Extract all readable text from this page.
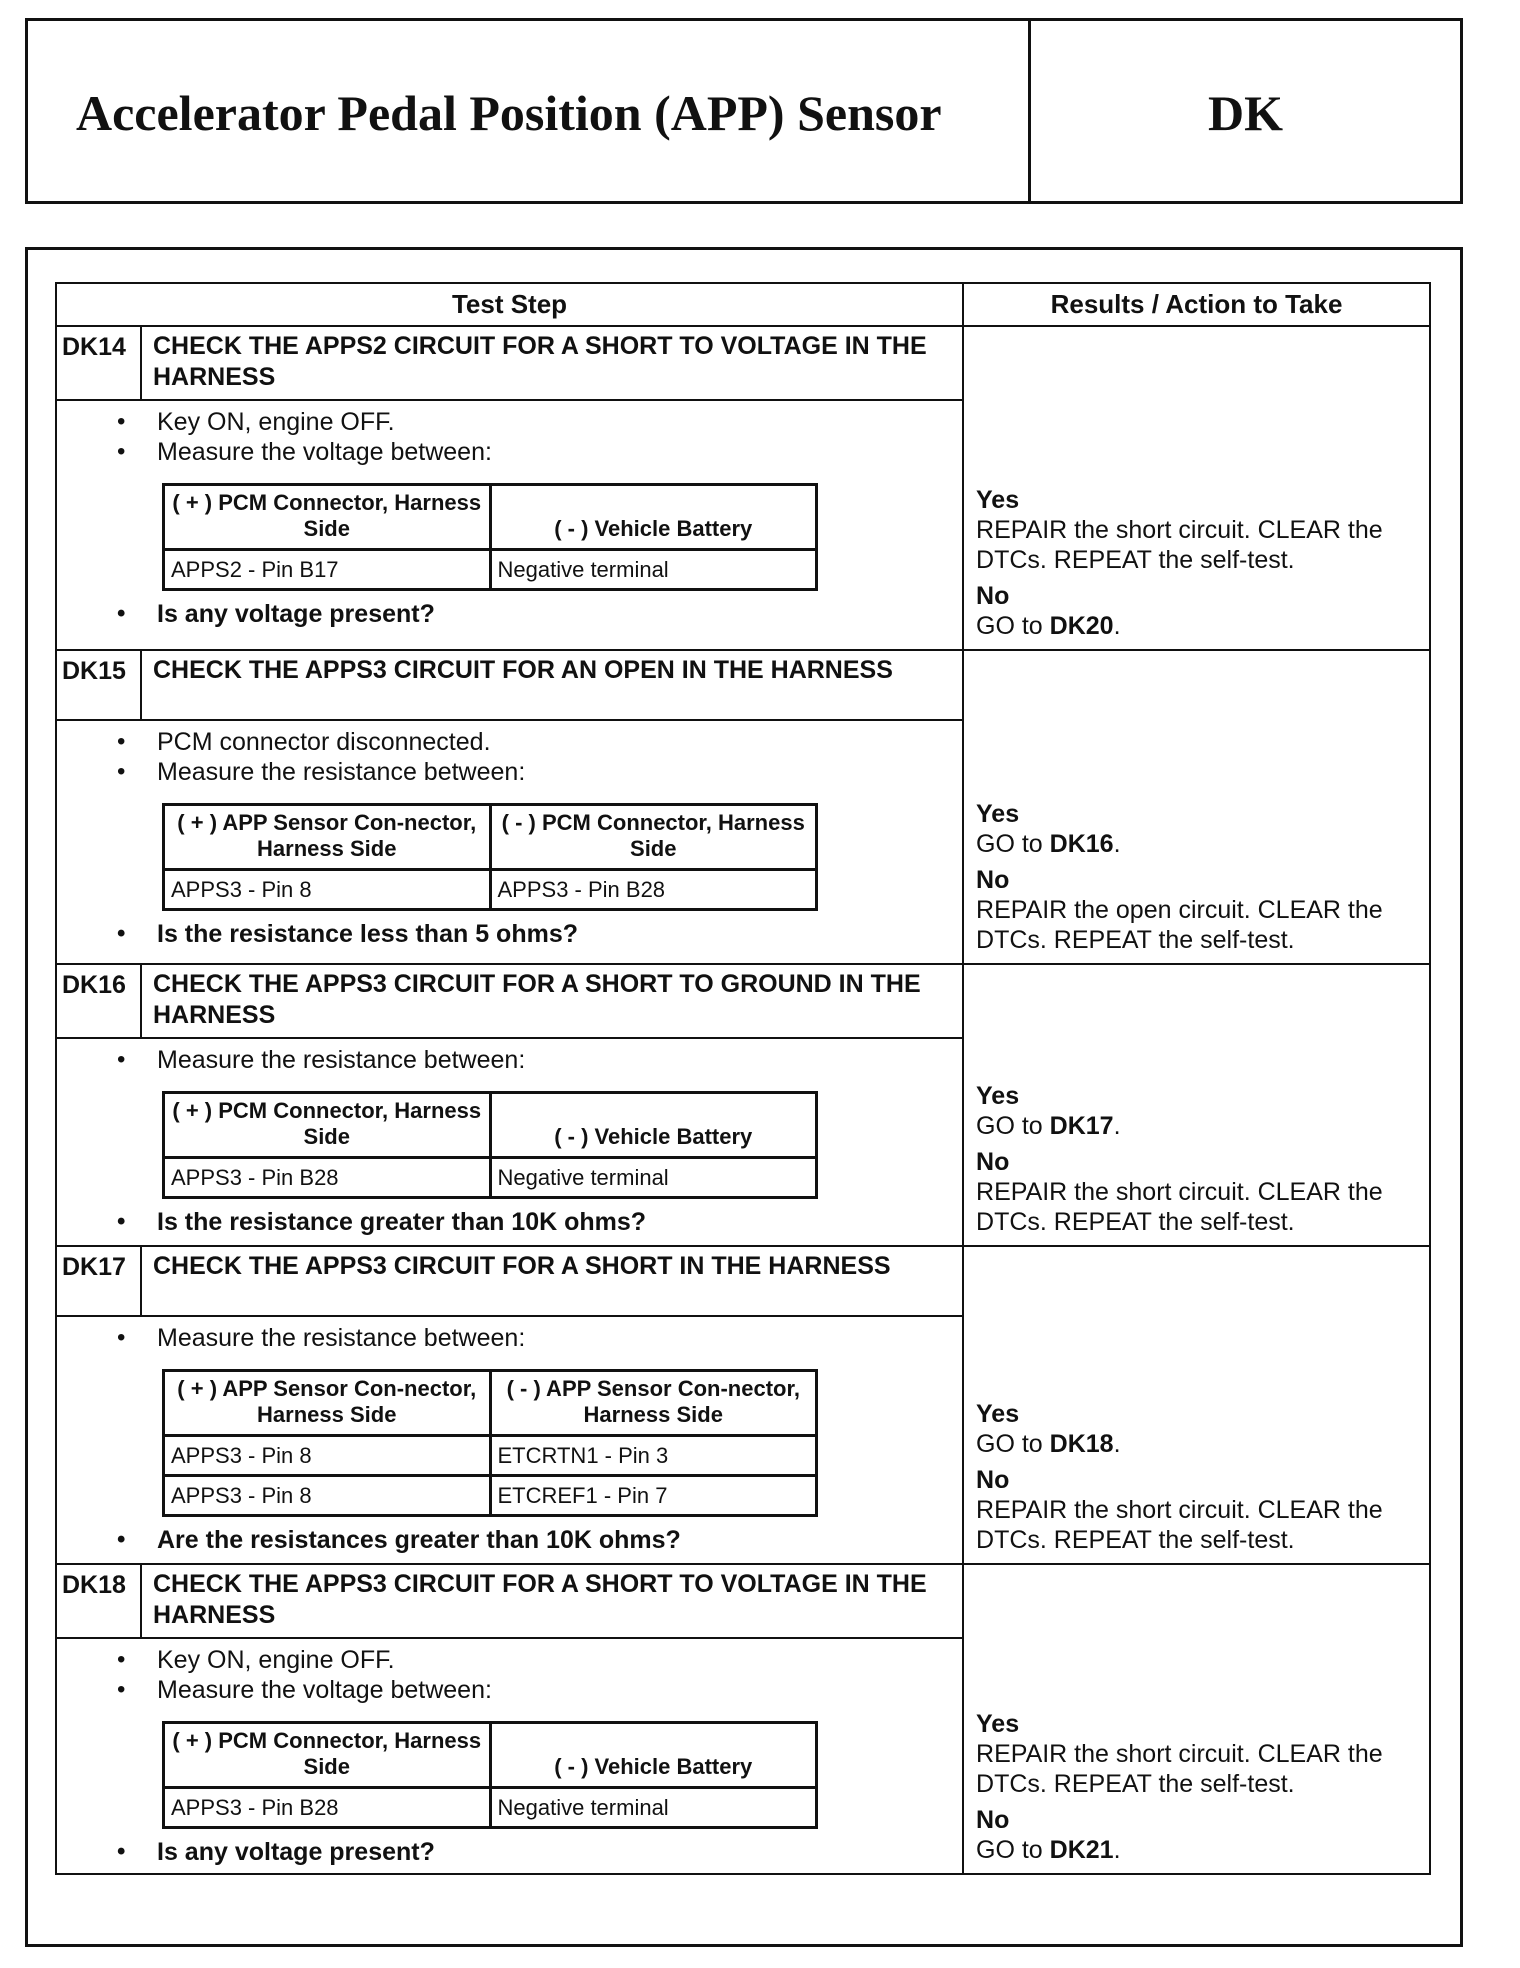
Accelerator Pedal Position (APP) Sensor	DK
Test Step	Results / Action to Take
DK14	CHECK THE APPS2 CIRCUIT FOR A SHORT TO VOLTAGE IN THE HARNESS	
Yes
REPAIR the short circuit. CLEAR the DTCs. REPEAT the self-test.
No
GO to DK20.

• Key ON, engine OFF.
• Measure the voltage between:
( + ) PCM Connector, Harness Side	( - ) Vehicle Battery
APPS2 - Pin B17	Negative terminal
• Is any voltage present?

DK15	CHECK THE APPS3 CIRCUIT FOR AN OPEN IN THE HARNESS	
Yes
GO to DK16.
No
REPAIR the open circuit. CLEAR the DTCs. REPEAT the self-test.

• PCM connector disconnected.
• Measure the resistance between:
( + ) APP Sensor Con-nector, Harness Side	( - ) PCM Connector, Harness Side
APPS3 - Pin 8	APPS3 - Pin B28
• Is the resistance less than 5 ohms?

DK16	CHECK THE APPS3 CIRCUIT FOR A SHORT TO GROUND IN THE HARNESS	
Yes
GO to DK17.
No
REPAIR the short circuit. CLEAR the DTCs. REPEAT the self-test.

• Measure the resistance between:
( + ) PCM Connector, Harness Side	( - ) Vehicle Battery
APPS3 - Pin B28	Negative terminal
• Is the resistance greater than 10K ohms?

DK17	CHECK THE APPS3 CIRCUIT FOR A SHORT IN THE HARNESS	
Yes
GO to DK18.
No
REPAIR the short circuit. CLEAR the DTCs. REPEAT the self-test.

• Measure the resistance between:
( + ) APP Sensor Con-nector, Harness Side	( - ) APP Sensor Con-nector, Harness Side
APPS3 - Pin 8	ETCRTN1 - Pin 3
APPS3 - Pin 8	ETCREF1 - Pin 7
• Are the resistances greater than 10K ohms?

DK18	CHECK THE APPS3 CIRCUIT FOR A SHORT TO VOLTAGE IN THE HARNESS	
Yes
REPAIR the short circuit. CLEAR the DTCs. REPEAT the self-test.
No
GO to DK21.

• Key ON, engine OFF.
• Measure the voltage between:
( + ) PCM Connector, Harness Side	( - ) Vehicle Battery
APPS3 - Pin B28	Negative terminal
• Is any voltage present?
